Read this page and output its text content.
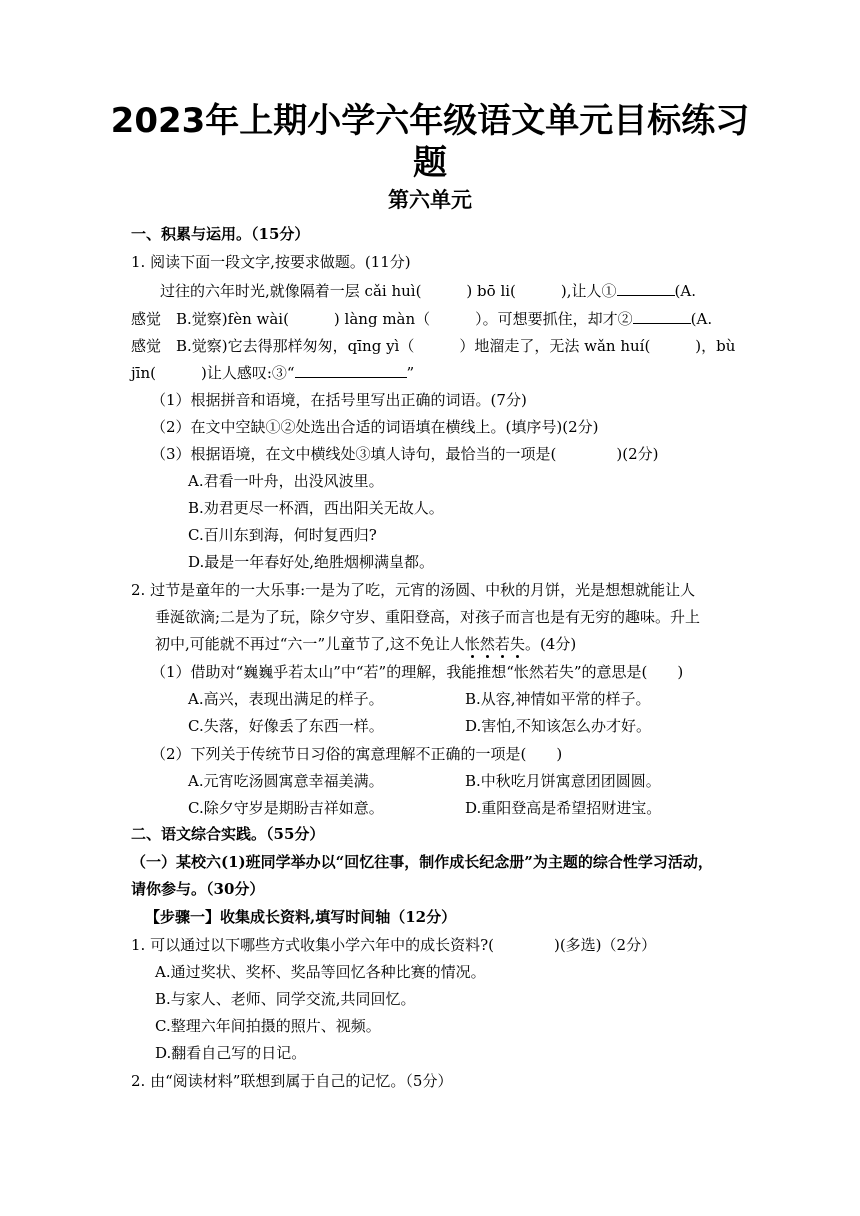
2023年上期小学六年级语文单元目标练习题
第六单元
一、积累与运用。（15分）
1. 阅读下面一段文字,按要求做题。(11分)
过往的六年时光,就像隔着一层 cǎi huì(　　　) bō li(　　　),让人①	(A.
感觉　B.觉察)fèn wài(　　　) làng màn（　　　）。可想要抓住，却才②	(A.
感觉　B.觉察)它去得那样匆匆，qīng yì（　　　）地溜走了，无法 wǎn huí(　　　)，bù
jīn(　　　)让人感叹:③“	”
（1）根据拼音和语境，在括号里写出正确的词语。(7分)
（2）在文中空缺①②处选出合适的词语填在横线上。(填序号)(2分)
（3）根据语境，在文中横线处③填人诗句，最恰当的一项是(　　　　)(2分)
A.君看一叶舟，出没风波里。
B.劝君更尽一杯酒，西出阳关无故人。
C.百川东到海，何时复西归?
D.最是一年春好处,绝胜烟柳满皇都。
2. 过节是童年的一大乐事:一是为了吃，元宵的汤圆、中秋的月饼，光是想想就能让人
垂涎欲滴;二是为了玩，除夕守岁、重阳登高，对孩子而言也是有无穷的趣味。升上
初中,可能就不再过“六一”儿童节了,这不免让人怅然若失。(4分)
（1）借助对“巍巍乎若太山”中“若”的理解，我能推想“怅然若失”的意思是(　　)
A.高兴，表现出满足的样子。	B.从容,神情如平常的样子。
C.失落，好像丢了东西一样。	D.害怕,不知该怎么办才好。
（2）下列关于传统节日习俗的寓意理解不正确的一项是(　　)
A.元宵吃汤圆寓意幸福美满。	B.中秋吃月饼寓意团团圆圆。
C.除夕守岁是期盼吉祥如意。	D.重阳登高是希望招财进宝。
二、语文综合实践。（55分）
（一）某校六(1)班同学举办以“回忆往事，制作成长纪念册”为主题的综合性学习活动，
请你参与。（30分）
【步骤一】收集成长资料,填写时间轴（12分）
1. 可以通过以下哪些方式收集小学六年中的成长资料?(　　　　)(多选)（2分）
A.通过奖状、奖杯、奖品等回忆各种比赛的情况。
B.与家人、老师、同学交流,共同回忆。
C.整理六年间拍摄的照片、视频。
D.翻看自己写的日记。
2. 由“阅读材料”联想到属于自己的记忆。（5分）
